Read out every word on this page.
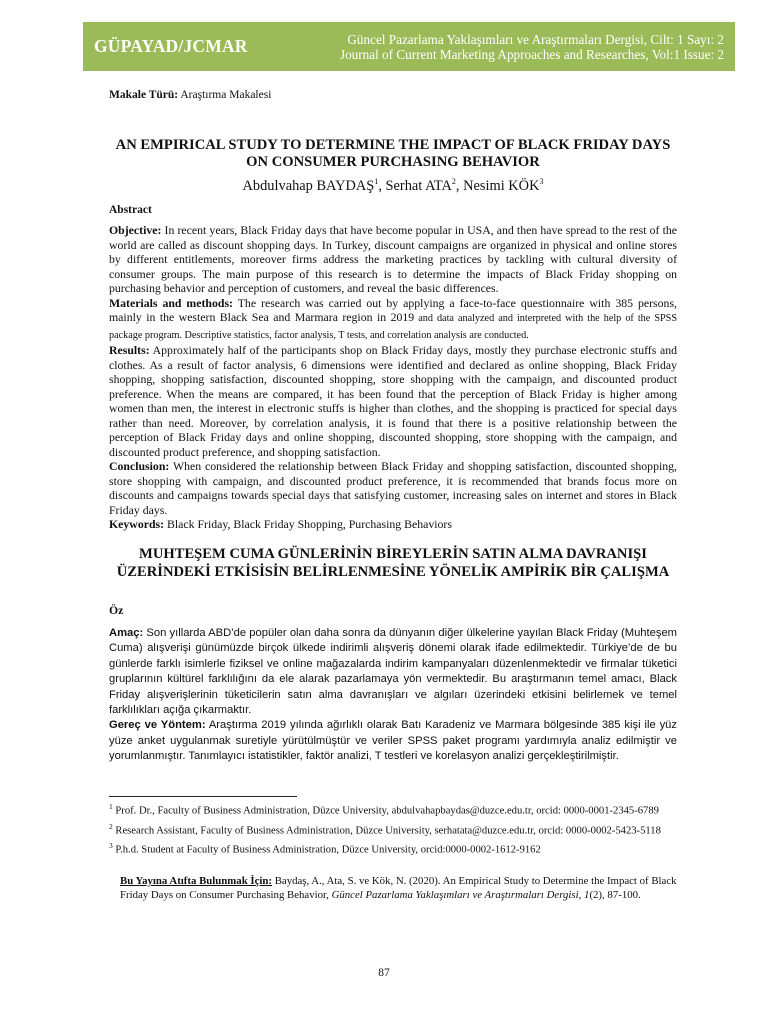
GÜPAYAD/JCMAR	Güncel Pazarlama Yaklaşımları ve Araştırmaları Dergisi, Cilt: 1 Sayı: 2
Journal of Current Marketing Approaches and Researches, Vol:1 Issue: 2
Makale Türü: Araştırma Makalesi
AN EMPIRICAL STUDY TO DETERMINE THE IMPACT OF BLACK FRIDAY DAYS ON CONSUMER PURCHASING BEHAVIOR
Abdulvahap BAYDAŞ$^1$, Serhat ATA$^2$, Nesimi KÖK$^3$
Abstract

Objective: In recent years, Black Friday days that have become popular in USA, and then have spread to the rest of the world are called as discount shopping days. In Turkey, discount campaigns are organized in physical and online stores by different entitlements, moreover firms address the marketing practices by tackling with cultural diversity of consumer groups. The main purpose of this research is to determine the impacts of Black Friday shopping on purchasing behavior and perception of customers, and reveal the basic differences.

Materials and methods: The research was carried out by applying a face-to-face questionnaire with 385 persons, mainly in the western Black Sea and Marmara region in 2019 and data analyzed and interpreted with the help of the SPSS package program. Descriptive statistics, factor analysis, T tests, and correlation analysis are conducted.

Results: Approximately half of the participants shop on Black Friday days, mostly they purchase electronic stuffs and clothes. As a result of factor analysis, 6 dimensions were identified and declared as online shopping, Black Friday shopping, shopping satisfaction, discounted shopping, store shopping with the campaign, and discounted product preference. When the means are compared, it has been found that the perception of Black Friday is higher among women than men, the interest in electronic stuffs is higher than clothes, and the shopping is practiced for special days rather than need. Moreover, by correlation analysis, it is found that there is a positive relationship between the perception of Black Friday days and online shopping, discounted shopping, store shopping with the campaign, and discounted product preference, and shopping satisfaction.

Conclusion: When considered the relationship between Black Friday and shopping satisfaction, discounted shopping, store shopping with campaign, and discounted product preference, it is recommended that brands focus more on discounts and campaigns towards special days that satisfying customer, increasing sales on internet and stores in Black Friday days.

Keywords: Black Friday, Black Friday Shopping, Purchasing Behaviors

MUHTEŞEM CUMA GÜNLERİNİN BİREYLERİN SATIN ALMA DAVRANIŞI ÜZERİNDEKİ ETKİSİSİN BELİRLENMESİNE YÖNELİK AMPİRİK BİR ÇALIŞMA
Öz

Amaç: Son yıllarda ABD’de popüler olan daha sonra da dünyanın diğer ülkelerine yayılan Black Friday (Muhteşem Cuma) alışverişi günümüzde birçok ülkede indirimli alışveriş dönemi olarak ifade edilmektedir. Türkiye’de de bu günlerde farklı isimlerle fiziksel ve online mağazalarda indirim kampanyaları düzenlenmektedir ve firmalar tüketici gruplarının kültürel farklılığını da ele alarak pazarlamaya yön vermektedir. Bu araştırmanın temel amacı, Black Friday alışverişlerinin tüketicilerin satın alma davranışları ve algıları üzerindeki etkisini belirlemek ve temel farklılıkları açığa çıkarmaktır.

Gereç ve Yöntem: Araştırma 2019 yılında ağırlıklı olarak Batı Karadeniz ve Marmara bölgesinde 385 kişi ile yüz yüze anket uygulanmak suretiyle yürütülmüştür ve veriler SPSS paket programı yardımıyla analiz edilmiştir ve yorumlanmıştır. Tanımlayıcı istatistikler, faktör analizi, T testleri ve korelasyon analizi gerçekleştirilmiştir.

$^1$ Prof. Dr., Faculty of Business Administration, Düzce University, abdulvahapbaydas@duzce.edu.tr, orcid: 0000-0001-2345-6789

$^2$ Research Assistant, Faculty of Business Administration, Düzce University, serhatata@duzce.edu.tr, orcid: 0000-0002-5423-5118

$^3$ P.h.d. Student at Faculty of Business Administration, Düzce University, orcid:0000-0002-1612-9162

Bu Yayına Atıfta Bulunmak İçin: Baydaş, A., Ata, S. ve Kök, N. (2020). An Empirical Study to Determine the Impact of Black Friday Days on Consumer Purchasing Behavior, Güncel Pazarlama Yaklaşımları ve Araştırmaları Dergisi, 1(2), 87-100.
87
